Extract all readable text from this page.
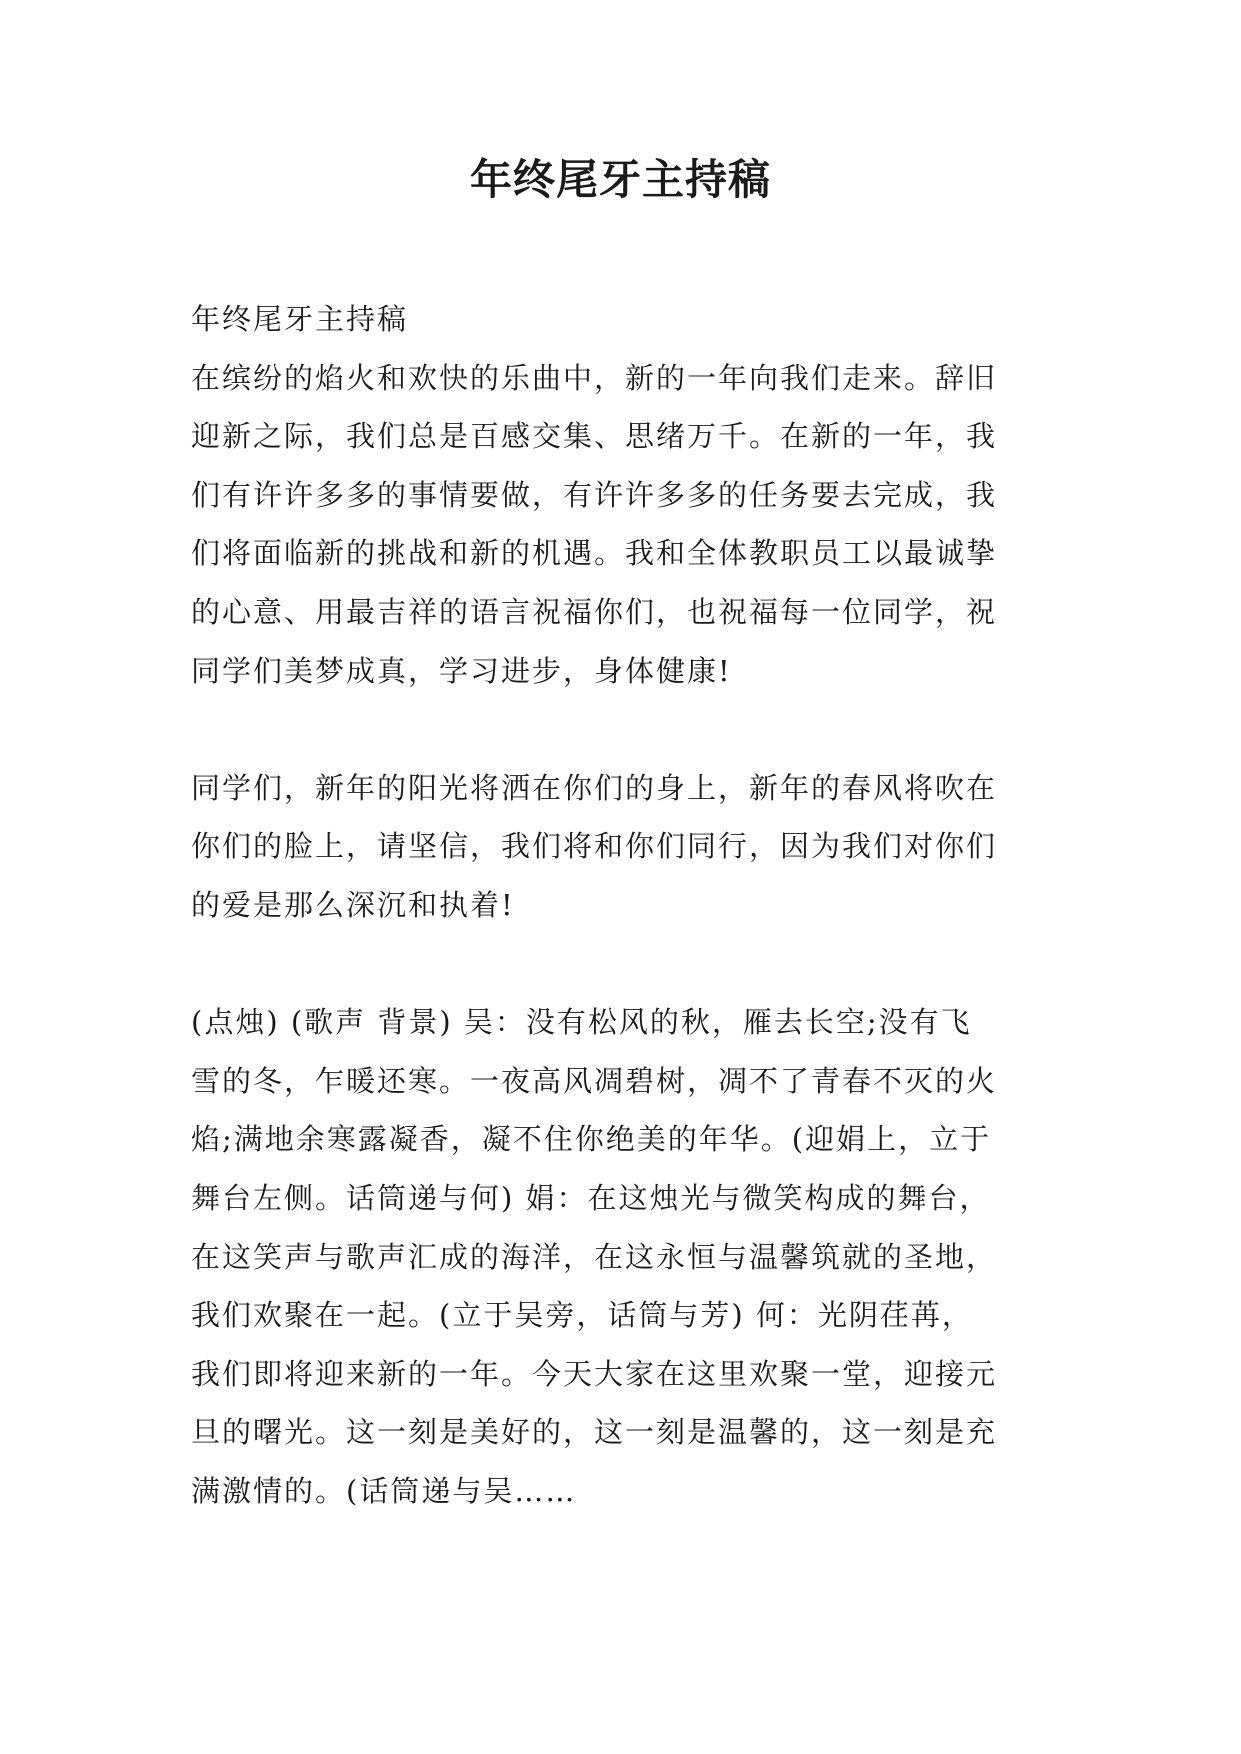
年终尾牙主持稿
年终尾牙主持稿
在缤纷的焰火和欢快的乐曲中，新的一年向我们走来。辞旧
迎新之际，我们总是百感交集、思绪万千。在新的一年，我
们有许许多多的事情要做，有许许多多的任务要去完成，我
们将面临新的挑战和新的机遇。我和全体教职员工以最诚挚
的心意、用最吉祥的语言祝福你们，也祝福每一位同学，祝
同学们美梦成真，学习进步，身体健康!
同学们，新年的阳光将洒在你们的身上，新年的春风将吹在
你们的脸上，请坚信，我们将和你们同行，因为我们对你们
的爱是那么深沉和执着!
(点烛) (歌声 背景) 吴：没有松风的秋，雁去长空;没有飞
雪的冬，乍暖还寒。一夜高风凋碧树，凋不了青春不灭的火
焰;满地余寒露凝香，凝不住你绝美的年华。(迎娟上，立于
舞台左侧。话筒递与何) 娟：在这烛光与微笑构成的舞台，
在这笑声与歌声汇成的海洋，在这永恒与温馨筑就的圣地，
我们欢聚在一起。(立于吴旁，话筒与芳) 何：光阴荏苒，
我们即将迎来新的一年。今天大家在这里欢聚一堂，迎接元
旦的曙光。这一刻是美好的，这一刻是温馨的，这一刻是充
满激情的。(话筒递与吴……
